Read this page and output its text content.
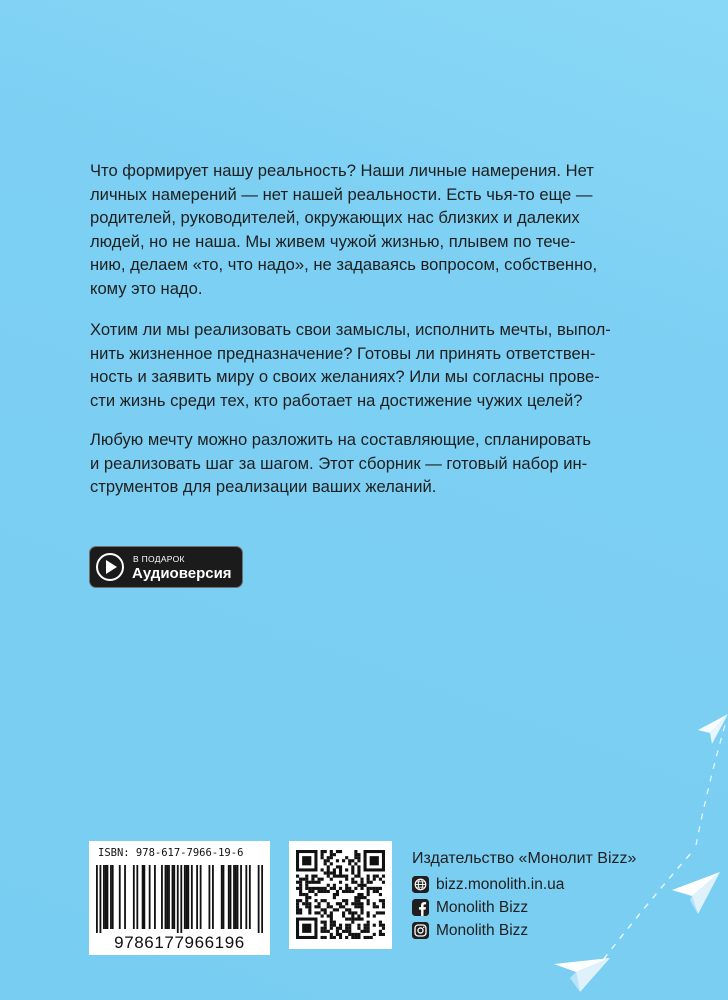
Что формирует нашу реальность? Наши личные намерения. Нет
личных намерений — нет нашей реальности. Есть чья-то еще —
родителей, руководителей, окружающих нас близких и далеких
людей, но не наша. Мы живем чужой жизнью, плывем по тече-
нию, делаем «то, что надо», не задаваясь вопросом, собственно,
кому это надо.
Хотим ли мы реализовать свои замыслы, исполнить мечты, выпол-
нить жизненное предназначение? Готовы ли принять ответствен-
ность и заявить миру о своих желаниях? Или мы согласны прове-
сти жизнь среди тех, кто работает на достижение чужих целей?
Любую мечту можно разложить на составляющие, спланировать
и реализовать шаг за шагом. Этот сборник — готовый набор ин-
струментов для реализации ваших желаний.
В ПОДАРОК
Аудиоверсия
ISBN: 978-617-7966-19-6
9786177966196
Издательство «Монолит Bizz»
bizz.monolith.in.ua
Monolith Bizz
Monolith Bizz
